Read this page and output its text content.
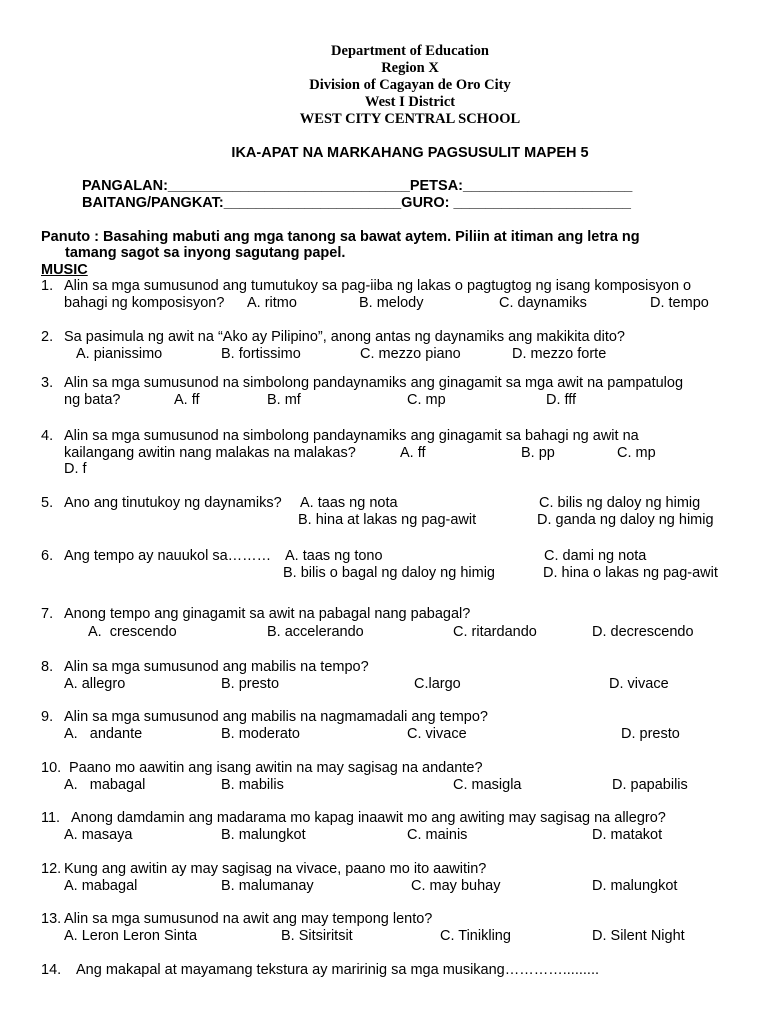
Department of Education
Region X
Division of Cagayan de Oro City
West I District
WEST CITY CENTRAL SCHOOL
IKA-APAT NA MARKAHANG PAGSUSULIT MAPEH 5
PANGALAN:______________________________PETSA:_____________________
BAITANG/PANGKAT:______________________GURO: ______________________
Panuto : Basahing mabuti ang mga tanong sa bawat aytem. Piliin at itiman ang letra ng
tamang sagot sa inyong sagutang papel.
MUSIC
1. Alin sa mga sumusunod ang tumutukoy sa pag-iiba ng lakas o pagtugtog ng isang komposisyon o
bahagi ng komposisyon? A. ritmo	B. melody	C. daynamiks	D. tempo
2. Sa pasimula ng awit na “Ako ay Pilipino”, anong antas ng daynamiks ang makikita dito?
A. pianissimo	B. fortissimo	C. mezzo piano	D. mezzo forte
3. Alin sa mga sumusunod na simbolong pandaynamiks ang ginagamit sa mga awit na pampatulog
ng bata?	A. ff	B. mf	C. mp	D. fff
4. Alin sa mga sumusunod na simbolong pandaynamiks ang ginagamit sa bahagi ng awit na
kailangang awitin nang malakas na malakas?	A. ff	B. pp	C. mp
D. f
5. Ano ang tinutukoy ng daynamiks? A. taas ng nota	C. bilis ng daloy ng himig
B. hina at lakas ng pag-awit	D. ganda ng daloy ng himig
6. Ang tempo ay nauukol sa……… A. taas ng tono	C. dami ng nota
B. bilis o bagal ng daloy ng himig	D. hina o lakas ng pag-awit
7. Anong tempo ang ginagamit sa awit na pabagal nang pabagal?
A.  crescendo	B. accelerando	C. ritardando	D. decrescendo
8. Alin sa mga sumusunod ang mabilis na tempo?
A. allegro	B. presto	C.largo	D. vivace
9. Alin sa mga sumusunod ang mabilis na nagmamadali ang tempo?
A.   andante	B. moderato	C. vivace	D. presto
10. Paano mo aawitin ang isang awitin na may sagisag na andante?
A.   mabagal	B. mabilis	C. masigla	D. papabilis
11. Anong damdamin ang madarama mo kapag inaawit mo ang awiting may sagisag na allegro?
A. masaya	B. malungkot	C. mainis	D. matakot
12. Kung ang awitin ay may sagisag na vivace, paano mo ito aawitin?
A. mabagal	B. malumanay	C. may buhay	D. malungkot
13. Alin sa mga sumusunod na awit ang may tempong lento?
A. Leron Leron Sinta	B. Sitsiritsit	C. Tinikling	D. Silent Night
14. Ang makapal at mayamang tekstura ay maririnig sa mga musikang………….........
